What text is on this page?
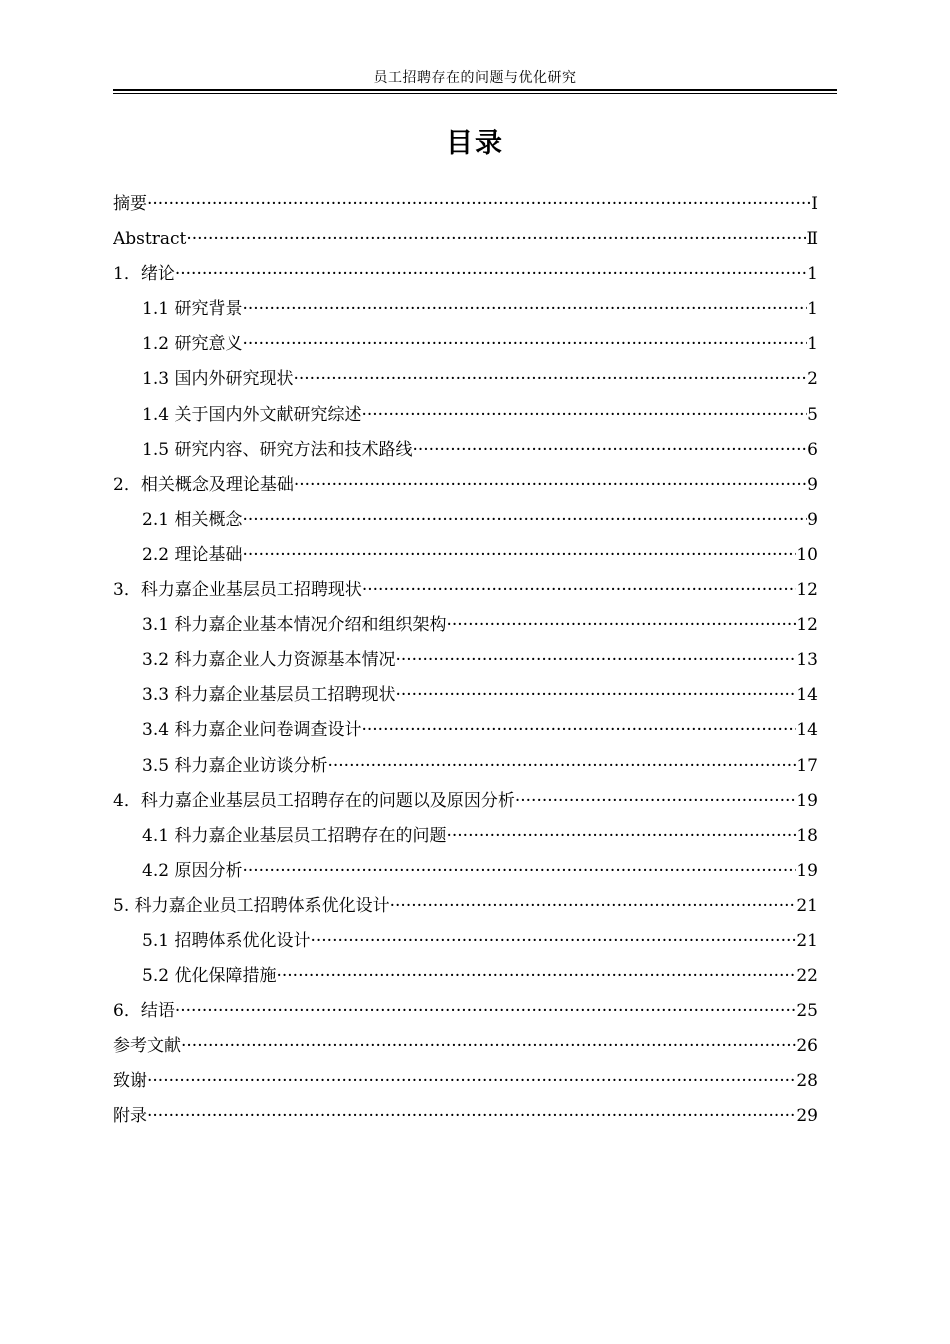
员工招聘存在的问题与优化研究
目录
摘要 ·····	I
Abstract ·····	Ⅱ
1．绪论 ·····	1
1.1 研究背景 ·····	1
1.2 研究意义 ·····	1
1.3 国内外研究现状 ·····	2
1.4 关于国内外文献研究综述 ·····	5
1.5 研究内容、研究方法和技术路线 ·····	6
2．相关概念及理论基础 ·····	9
2.1 相关概念 ·····	9
2.2 理论基础 ·····	10
3．科力嘉企业基层员工招聘现状 ·····	12
3.1 科力嘉企业基本情况介绍和组织架构 ·····	12
3.2 科力嘉企业人力资源基本情况 ·····	13
3.3 科力嘉企业基层员工招聘现状 ·····	14
3.4 科力嘉企业问卷调查设计 ·····	14
3.5 科力嘉企业访谈分析 ·····	17
4．科力嘉企业基层员工招聘存在的问题以及原因分析 ·····	19
4.1 科力嘉企业基层员工招聘存在的问题 ·····	18
4.2 原因分析 ·····	19
5. 科力嘉企业员工招聘体系优化设计 ·····	21
5.1 招聘体系优化设计 ·····	21
5.2 优化保障措施 ·····	22
6．结语 ·····	25
参考文献 ·····	26
致谢 ·····	28
附录 ·····	29
